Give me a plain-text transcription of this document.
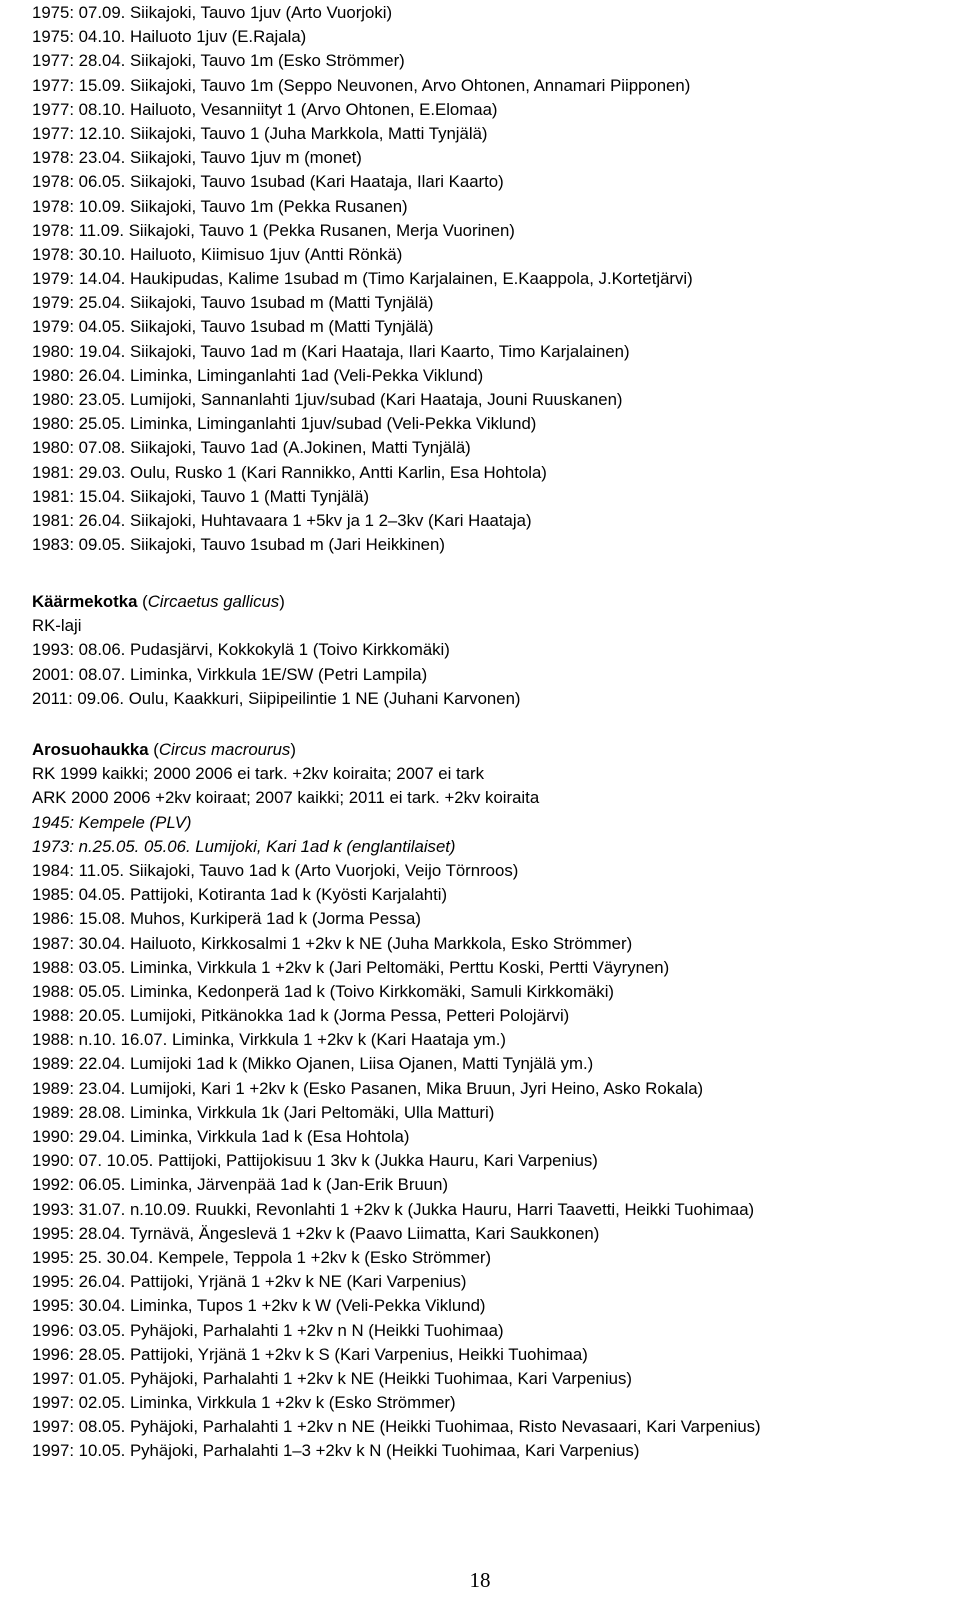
1975: 07.09. Siikajoki, Tauvo 1juv (Arto Vuorjoki)
1975: 04.10. Hailuoto 1juv (E.Rajala)
1977: 28.04. Siikajoki, Tauvo 1m (Esko Strömmer)
1977: 15.09. Siikajoki, Tauvo 1m (Seppo Neuvonen, Arvo Ohtonen, Annamari Piipponen)
1977: 08.10. Hailuoto, Vesanniityt 1 (Arvo Ohtonen, E.Elomaa)
1977: 12.10. Siikajoki, Tauvo 1 (Juha Markkola, Matti Tynjälä)
1978: 23.04. Siikajoki, Tauvo 1juv m (monet)
1978: 06.05. Siikajoki, Tauvo 1subad (Kari Haataja, Ilari Kaarto)
1978: 10.09. Siikajoki, Tauvo 1m (Pekka Rusanen)
1978: 11.09. Siikajoki, Tauvo 1 (Pekka Rusanen, Merja Vuorinen)
1978: 30.10. Hailuoto, Kiimisuo 1juv (Antti Rönkä)
1979: 14.04. Haukipudas, Kalime 1subad m (Timo Karjalainen, E.Kaappola, J.Kortetjärvi)
1979: 25.04. Siikajoki, Tauvo 1subad m (Matti Tynjälä)
1979: 04.05. Siikajoki, Tauvo 1subad m (Matti Tynjälä)
1980: 19.04. Siikajoki, Tauvo 1ad m (Kari Haataja, Ilari Kaarto, Timo Karjalainen)
1980: 26.04. Liminka, Liminganlahti 1ad (Veli-Pekka Viklund)
1980: 23.05. Lumijoki, Sannanlahti 1juv/subad (Kari Haataja, Jouni Ruuskanen)
1980: 25.05. Liminka, Liminganlahti 1juv/subad (Veli-Pekka Viklund)
1980: 07.08. Siikajoki, Tauvo 1ad (A.Jokinen, Matti Tynjälä)
1981: 29.03. Oulu, Rusko 1 (Kari Rannikko, Antti Karlin, Esa Hohtola)
1981: 15.04. Siikajoki, Tauvo 1 (Matti Tynjälä)
1981: 26.04. Siikajoki, Huhtavaara 1 +5kv ja 1 2–3kv (Kari Haataja)
1983: 09.05. Siikajoki, Tauvo 1subad m (Jari Heikkinen)
Käärmekotka (Circaetus gallicus)
RK-laji
1993: 08.06. Pudasjärvi, Kokkokylä 1 (Toivo Kirkkomäki)
2001: 08.07. Liminka, Virkkula 1E/SW (Petri Lampila)
2011: 09.06. Oulu, Kaakkuri, Siipipeilintie 1 NE (Juhani Karvonen)
Arosuohaukka (Circus macrourus)
RK 1999 kaikki; 2000 2006 ei tark. +2kv koiraita; 2007 ei tark
ARK 2000 2006 +2kv koiraat; 2007 kaikki; 2011 ei tark. +2kv koiraita
1945: Kempele (PLV)
1973: n.25.05. 05.06. Lumijoki, Kari 1ad k (englantilaiset)
1984: 11.05. Siikajoki, Tauvo 1ad k (Arto Vuorjoki, Veijo Törnroos)
1985: 04.05. Pattijoki, Kotiranta 1ad k (Kyösti Karjalahti)
1986: 15.08. Muhos, Kurkiperä 1ad k (Jorma Pessa)
1987: 30.04. Hailuoto, Kirkkosalmi 1 +2kv k NE (Juha Markkola, Esko Strömmer)
1988: 03.05. Liminka, Virkkula 1 +2kv k (Jari Peltomäki, Perttu Koski, Pertti Väyrynen)
1988: 05.05. Liminka, Kedonperä 1ad k (Toivo Kirkkomäki, Samuli Kirkkomäki)
1988: 20.05. Lumijoki, Pitkänokka 1ad k (Jorma Pessa, Petteri Polojärvi)
1988: n.10. 16.07. Liminka, Virkkula 1 +2kv k (Kari Haataja ym.)
1989: 22.04. Lumijoki 1ad k (Mikko Ojanen, Liisa Ojanen, Matti Tynjälä ym.)
1989: 23.04. Lumijoki, Kari 1 +2kv k (Esko Pasanen, Mika Bruun, Jyri Heino, Asko Rokala)
1989: 28.08. Liminka, Virkkula 1k (Jari Peltomäki, Ulla Matturi)
1990: 29.04. Liminka, Virkkula 1ad k (Esa Hohtola)
1990: 07. 10.05. Pattijoki, Pattijokisuu 1 3kv k (Jukka Hauru, Kari Varpenius)
1992: 06.05. Liminka, Järvenpää 1ad k (Jan-Erik Bruun)
1993: 31.07. n.10.09. Ruukki, Revonlahti 1 +2kv k (Jukka Hauru, Harri Taavetti, Heikki Tuohimaa)
1995: 28.04. Tyrnävä, Ängeslevä 1 +2kv k (Paavo Liimatta, Kari Saukkonen)
1995: 25. 30.04. Kempele, Teppola 1 +2kv k (Esko Strömmer)
1995: 26.04. Pattijoki, Yrjänä 1 +2kv k NE (Kari Varpenius)
1995: 30.04. Liminka, Tupos 1 +2kv k W (Veli-Pekka Viklund)
1996: 03.05. Pyhäjoki, Parhalahti 1 +2kv n N (Heikki Tuohimaa)
1996: 28.05. Pattijoki, Yrjänä 1 +2kv k S (Kari Varpenius, Heikki Tuohimaa)
1997: 01.05. Pyhäjoki, Parhalahti 1 +2kv k NE (Heikki Tuohimaa, Kari Varpenius)
1997: 02.05. Liminka, Virkkula 1 +2kv k (Esko Strömmer)
1997: 08.05. Pyhäjoki, Parhalahti 1 +2kv n NE (Heikki Tuohimaa, Risto Nevasaari, Kari Varpenius)
1997: 10.05. Pyhäjoki, Parhalahti 1–3 +2kv k N (Heikki Tuohimaa, Kari Varpenius)
18
